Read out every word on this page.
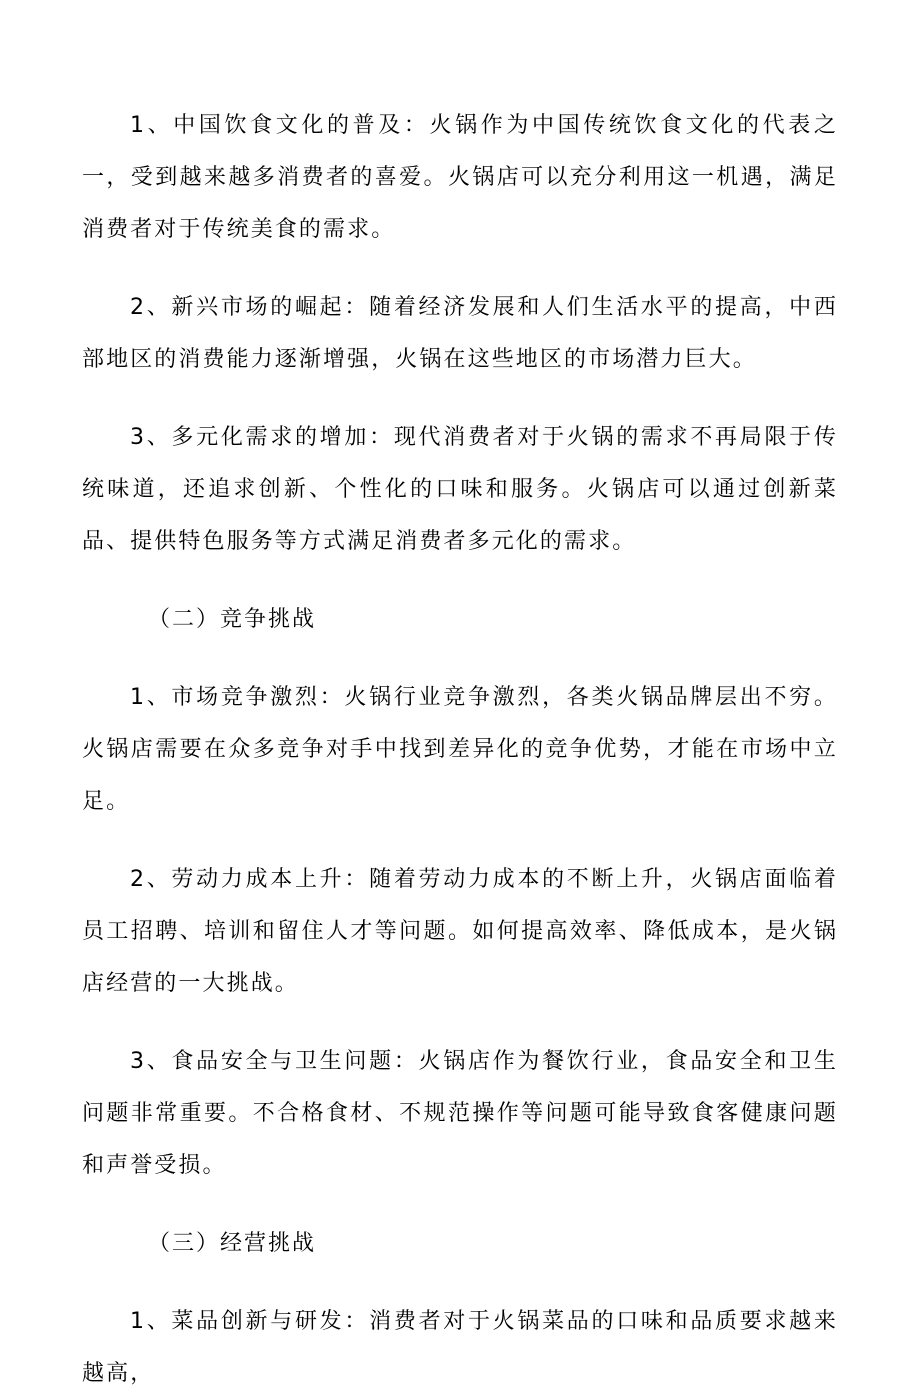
1、中国饮食文化的普及：火锅作为中国传统饮食文化的代表之一，受到越来越多消费者的喜爱。火锅店可以充分利用这一机遇，满足消费者对于传统美食的需求。

2、新兴市场的崛起：随着经济发展和人们生活水平的提高，中西部地区的消费能力逐渐增强，火锅在这些地区的市场潜力巨大。

3、多元化需求的增加：现代消费者对于火锅的需求不再局限于传统味道，还追求创新、个性化的口味和服务。火锅店可以通过创新菜品、提供特色服务等方式满足消费者多元化的需求。

（二）竞争挑战

1、市场竞争激烈：火锅行业竞争激烈，各类火锅品牌层出不穷。火锅店需要在众多竞争对手中找到差异化的竞争优势，才能在市场中立足。

2、劳动力成本上升：随着劳动力成本的不断上升，火锅店面临着员工招聘、培训和留住人才等问题。如何提高效率、降低成本，是火锅店经营的一大挑战。

3、食品安全与卫生问题：火锅店作为餐饮行业，食品安全和卫生问题非常重要。不合格食材、不规范操作等问题可能导致食客健康问题和声誉受损。

（三）经营挑战

1、菜品创新与研发：消费者对于火锅菜品的口味和品质要求越来越高，
